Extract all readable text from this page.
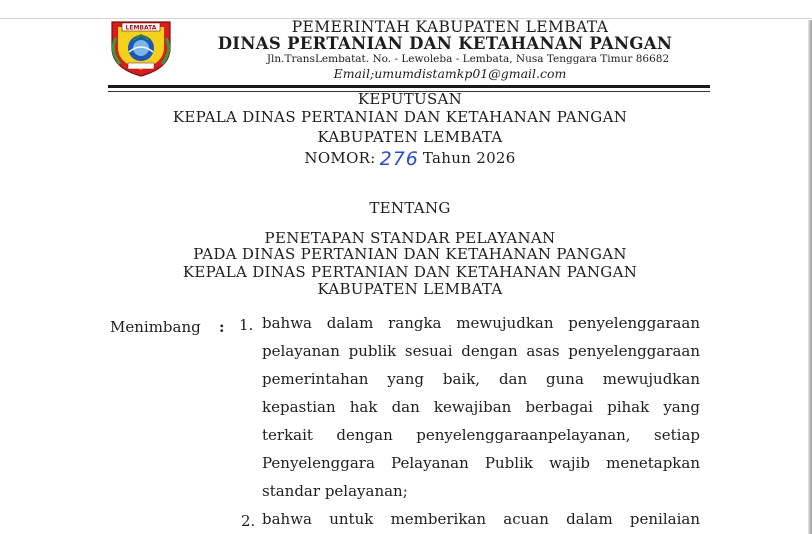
LEMBATA	PEMERINTAH KABUPATEN LEMBATA
DINAS PERTANIAN DAN KETAHANAN PANGAN
Jln.TransLembatat. No. - Lewoleba - Lembata, Nusa Tenggara Timur 86682
Email;umumdistamkp01@gmail.com
KEPUTUSAN
KEPALA DINAS PERTANIAN DAN KETAHANAN PANGAN
KABUPATEN LEMBATA
NOMOR: 276 Tahun 2026
TENTANG
PENETAPAN STANDAR PELAYANAN
PADA DINAS PERTANIAN DAN KETAHANAN PANGAN
KEPALA DINAS PERTANIAN DAN KETAHANAN PANGAN
KABUPATEN LEMBATA
Menimbang : 1. bahwa dalam rangka mewujudkan penyelenggaraan
pelayanan publik sesuai dengan asas penyelenggaraan
pemerintahan yang baik, dan guna mewujudkan
kepastian hak dan kewajiban berbagai pihak yang
terkait dengan penyelenggaraanpelayanan, setiap
Penyelenggara Pelayanan Publik wajib menetapkan
standar pelayanan;
2. bahwa untuk memberikan acuan dalam penilaian
